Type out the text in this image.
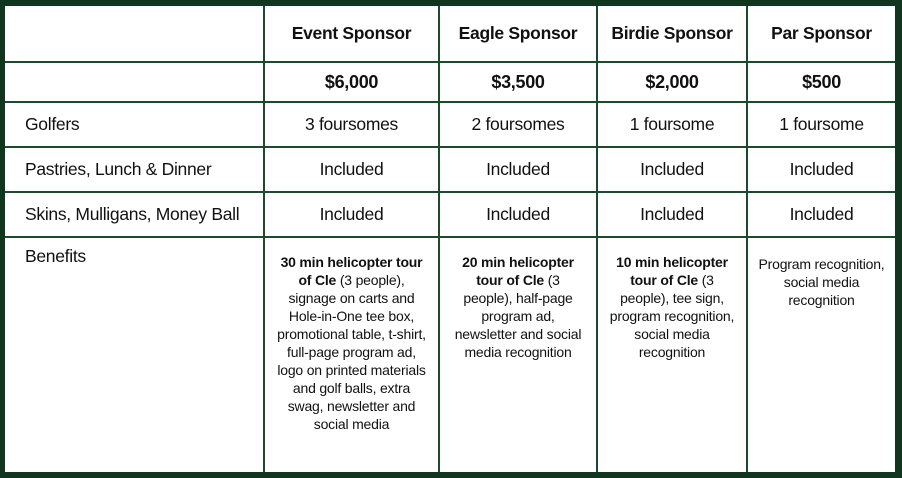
	Event Sponsor	Eagle Sponsor	Birdie Sponsor	Par Sponsor
	$6,000	$3,500	$2,000	$500
Golfers	3 foursomes	2 foursomes	1 foursome	1 foursome
Pastries, Lunch & Dinner	Included	Included	Included	Included
Skins, Mulligans, Money Ball	Included	Included	Included	Included
Benefits	30 min helicopter tour of Cle (3 people), signage on carts and Hole-in-One tee box, promotional table, t-shirt, full-page program ad, logo on printed materials and golf balls, extra swag, newsletter and social media	20 min helicopter tour of Cle (3 people), half-page program ad, newsletter and social media recognition	10 min helicopter tour of Cle (3 people), tee sign, program recognition, social media recognition	Program recognition, social media recognition
